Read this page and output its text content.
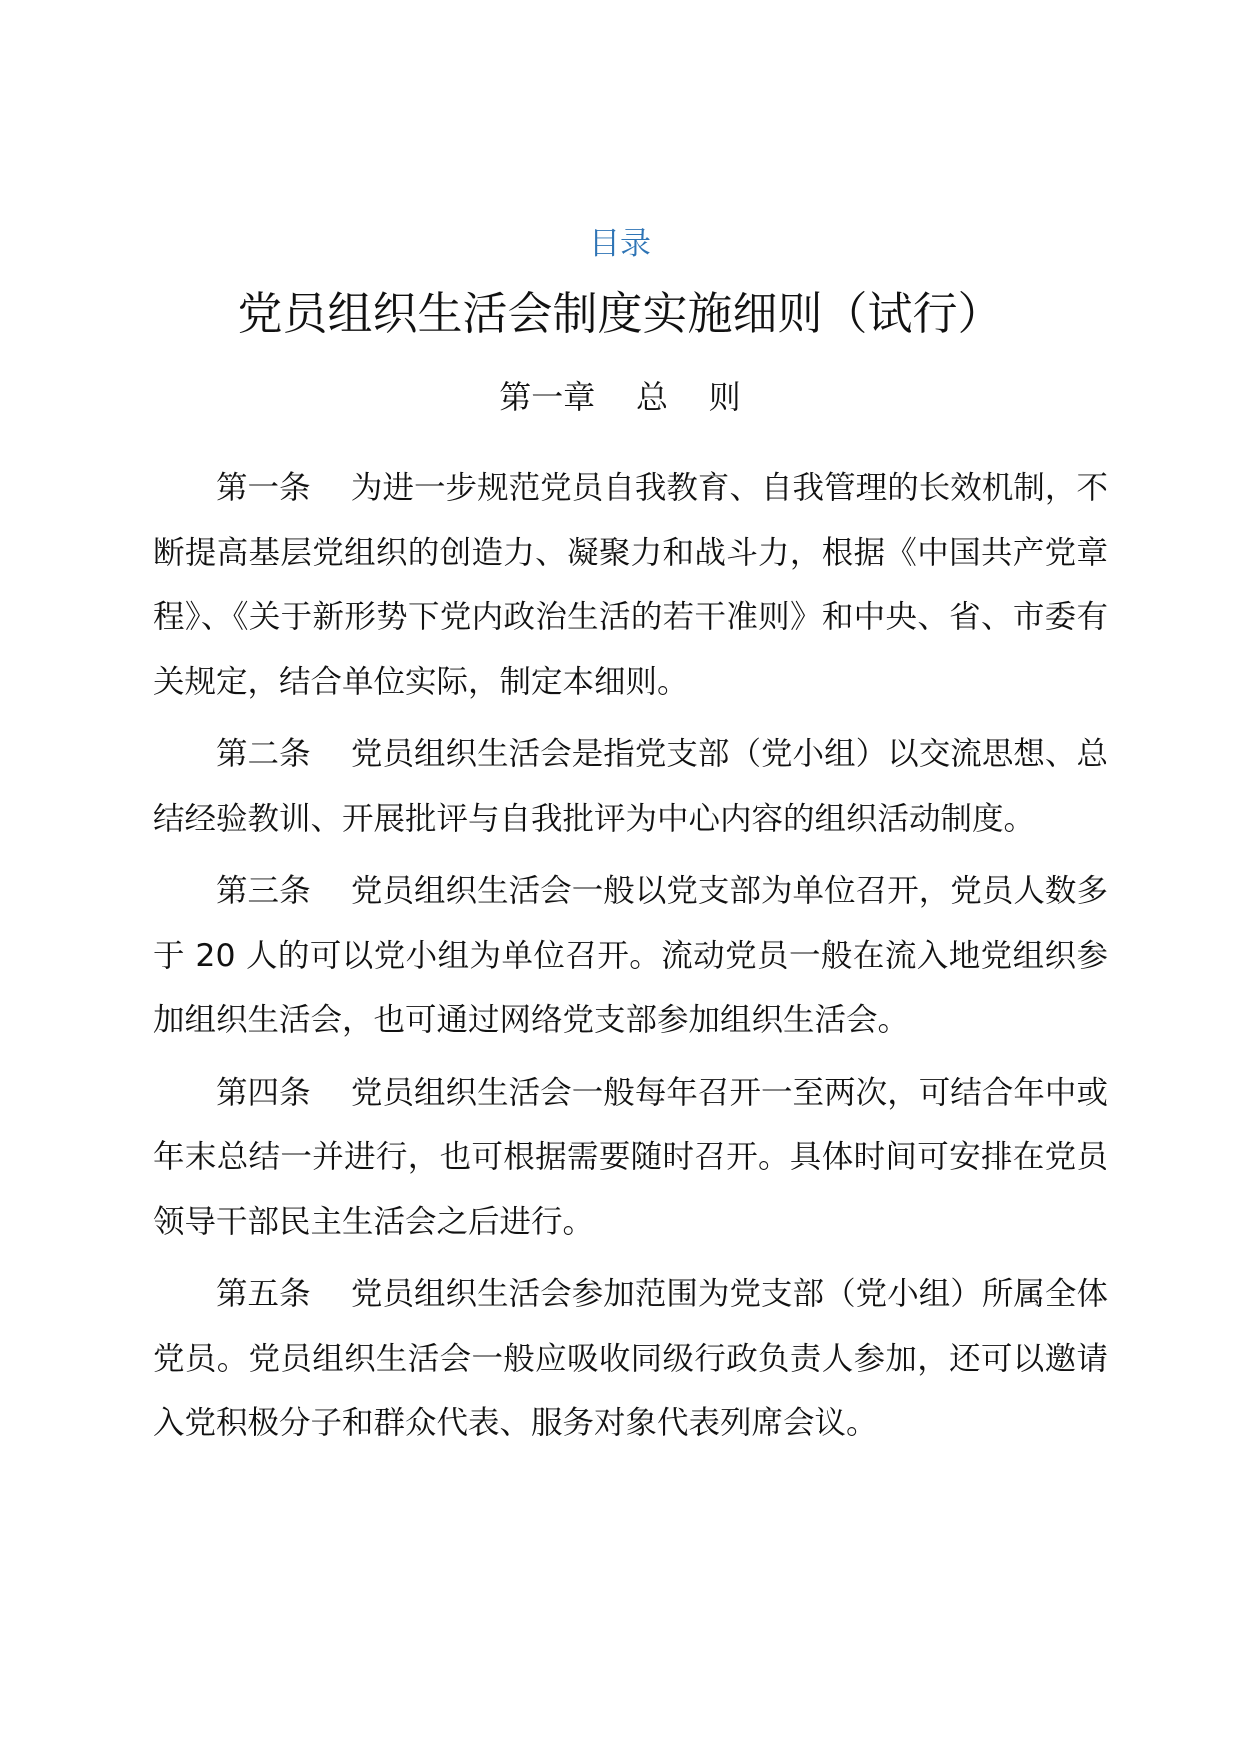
目录
党员组织生活会制度实施细则（试行）
第一章    总    则

第一条    为进一步规范党员自我教育、自我管理的长效机制，不断提高基层党组织的创造力、凝聚力和战斗力，根据《中国共产党章程》、《关于新形势下党内政治生活的若干准则》和中央、省、市委有关规定，结合单位实际，制定本细则。

第二条    党员组织生活会是指党支部（党小组）以交流思想、总结经验教训、开展批评与自我批评为中心内容的组织活动制度。

第三条    党员组织生活会一般以党支部为单位召开，党员人数多于 20 人的可以党小组为单位召开。流动党员一般在流入地党组织参加组织生活会，也可通过网络党支部参加组织生活会。

第四条    党员组织生活会一般每年召开一至两次，可结合年中或年末总结一并进行，也可根据需要随时召开。具体时间可安排在党员领导干部民主生活会之后进行。

第五条    党员组织生活会参加范围为党支部（党小组）所属全体党员。党员组织生活会一般应吸收同级行政负责人参加，还可以邀请入党积极分子和群众代表、服务对象代表列席会议。
